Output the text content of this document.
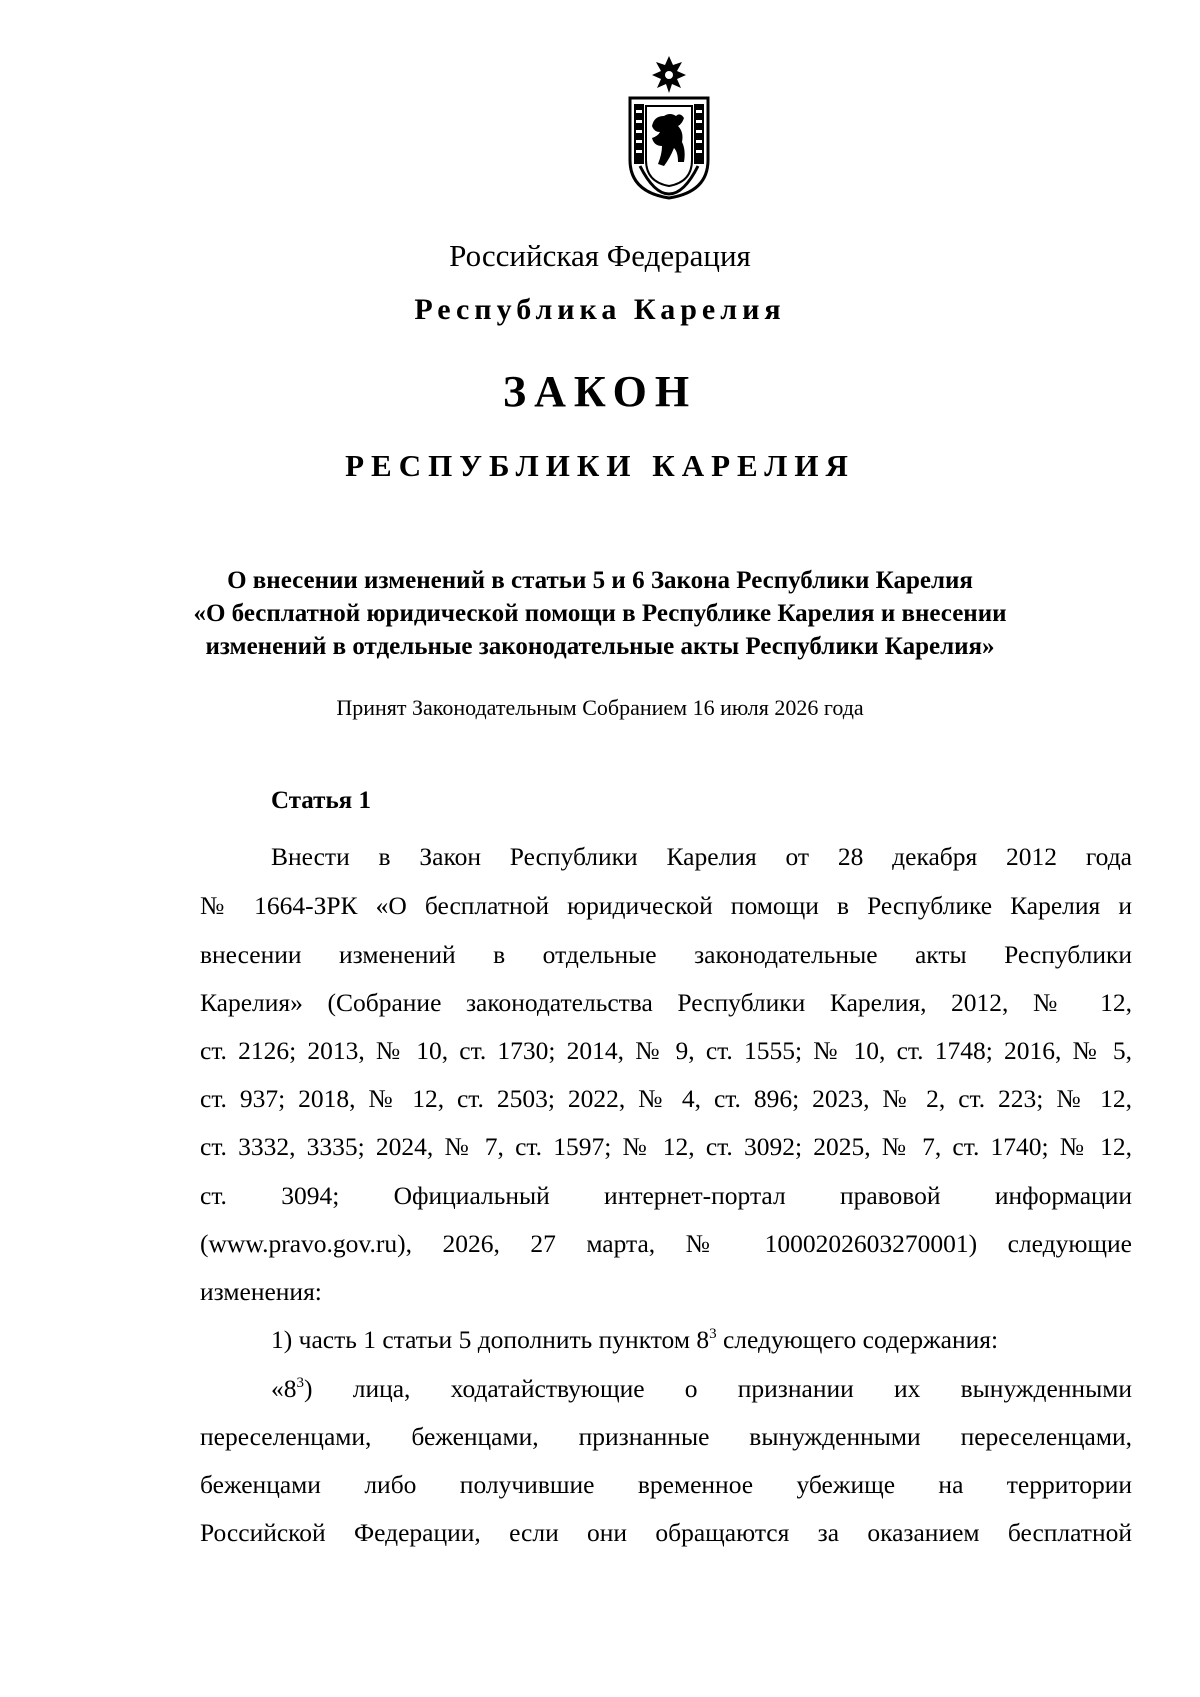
Российская Федерация
Республика Карелия
ЗАКОН
РЕСПУБЛИКИ КАРЕЛИЯ
О внесении изменений в статьи 5 и 6 Закона Республики Карелия
«О бесплатной юридической помощи в Республике Карелия и внесении
изменений в отдельные законодательные акты Республики Карелия»
Принят Законодательным Собранием 16 июля 2026 года
Статья 1
Внести в Закон Республики Карелия от 28 декабря 2012 года
№ 1664-ЗРК «О бесплатной юридической помощи в Республике Карелия и
внесении изменений в отдельные законодательные акты Республики
Карелия» (Собрание законодательства Республики Карелия, 2012, № 12,
ст. 2126; 2013, № 10, ст. 1730; 2014, № 9, ст. 1555; № 10, ст. 1748; 2016, № 5,
ст. 937; 2018, № 12, ст. 2503; 2022, № 4, ст. 896; 2023, № 2, ст. 223; № 12,
ст. 3332, 3335; 2024, № 7, ст. 1597; № 12, ст. 3092; 2025, № 7, ст. 1740; № 12,
ст. 3094; Официальный интернет-портал правовой информации
(www.pravo.gov.ru), 2026, 27 марта, № 1000202603270001) следующие
изменения:
1) часть 1 статьи 5 дополнить пунктом $8^3$ следующего содержания:
«$8^3$) лица, ходатайствующие о признании их вынужденными
переселенцами, беженцами, признанные вынужденными переселенцами,
беженцами либо получившие временное убежище на территории
Российской Федерации, если они обращаются за оказанием бесплатной
